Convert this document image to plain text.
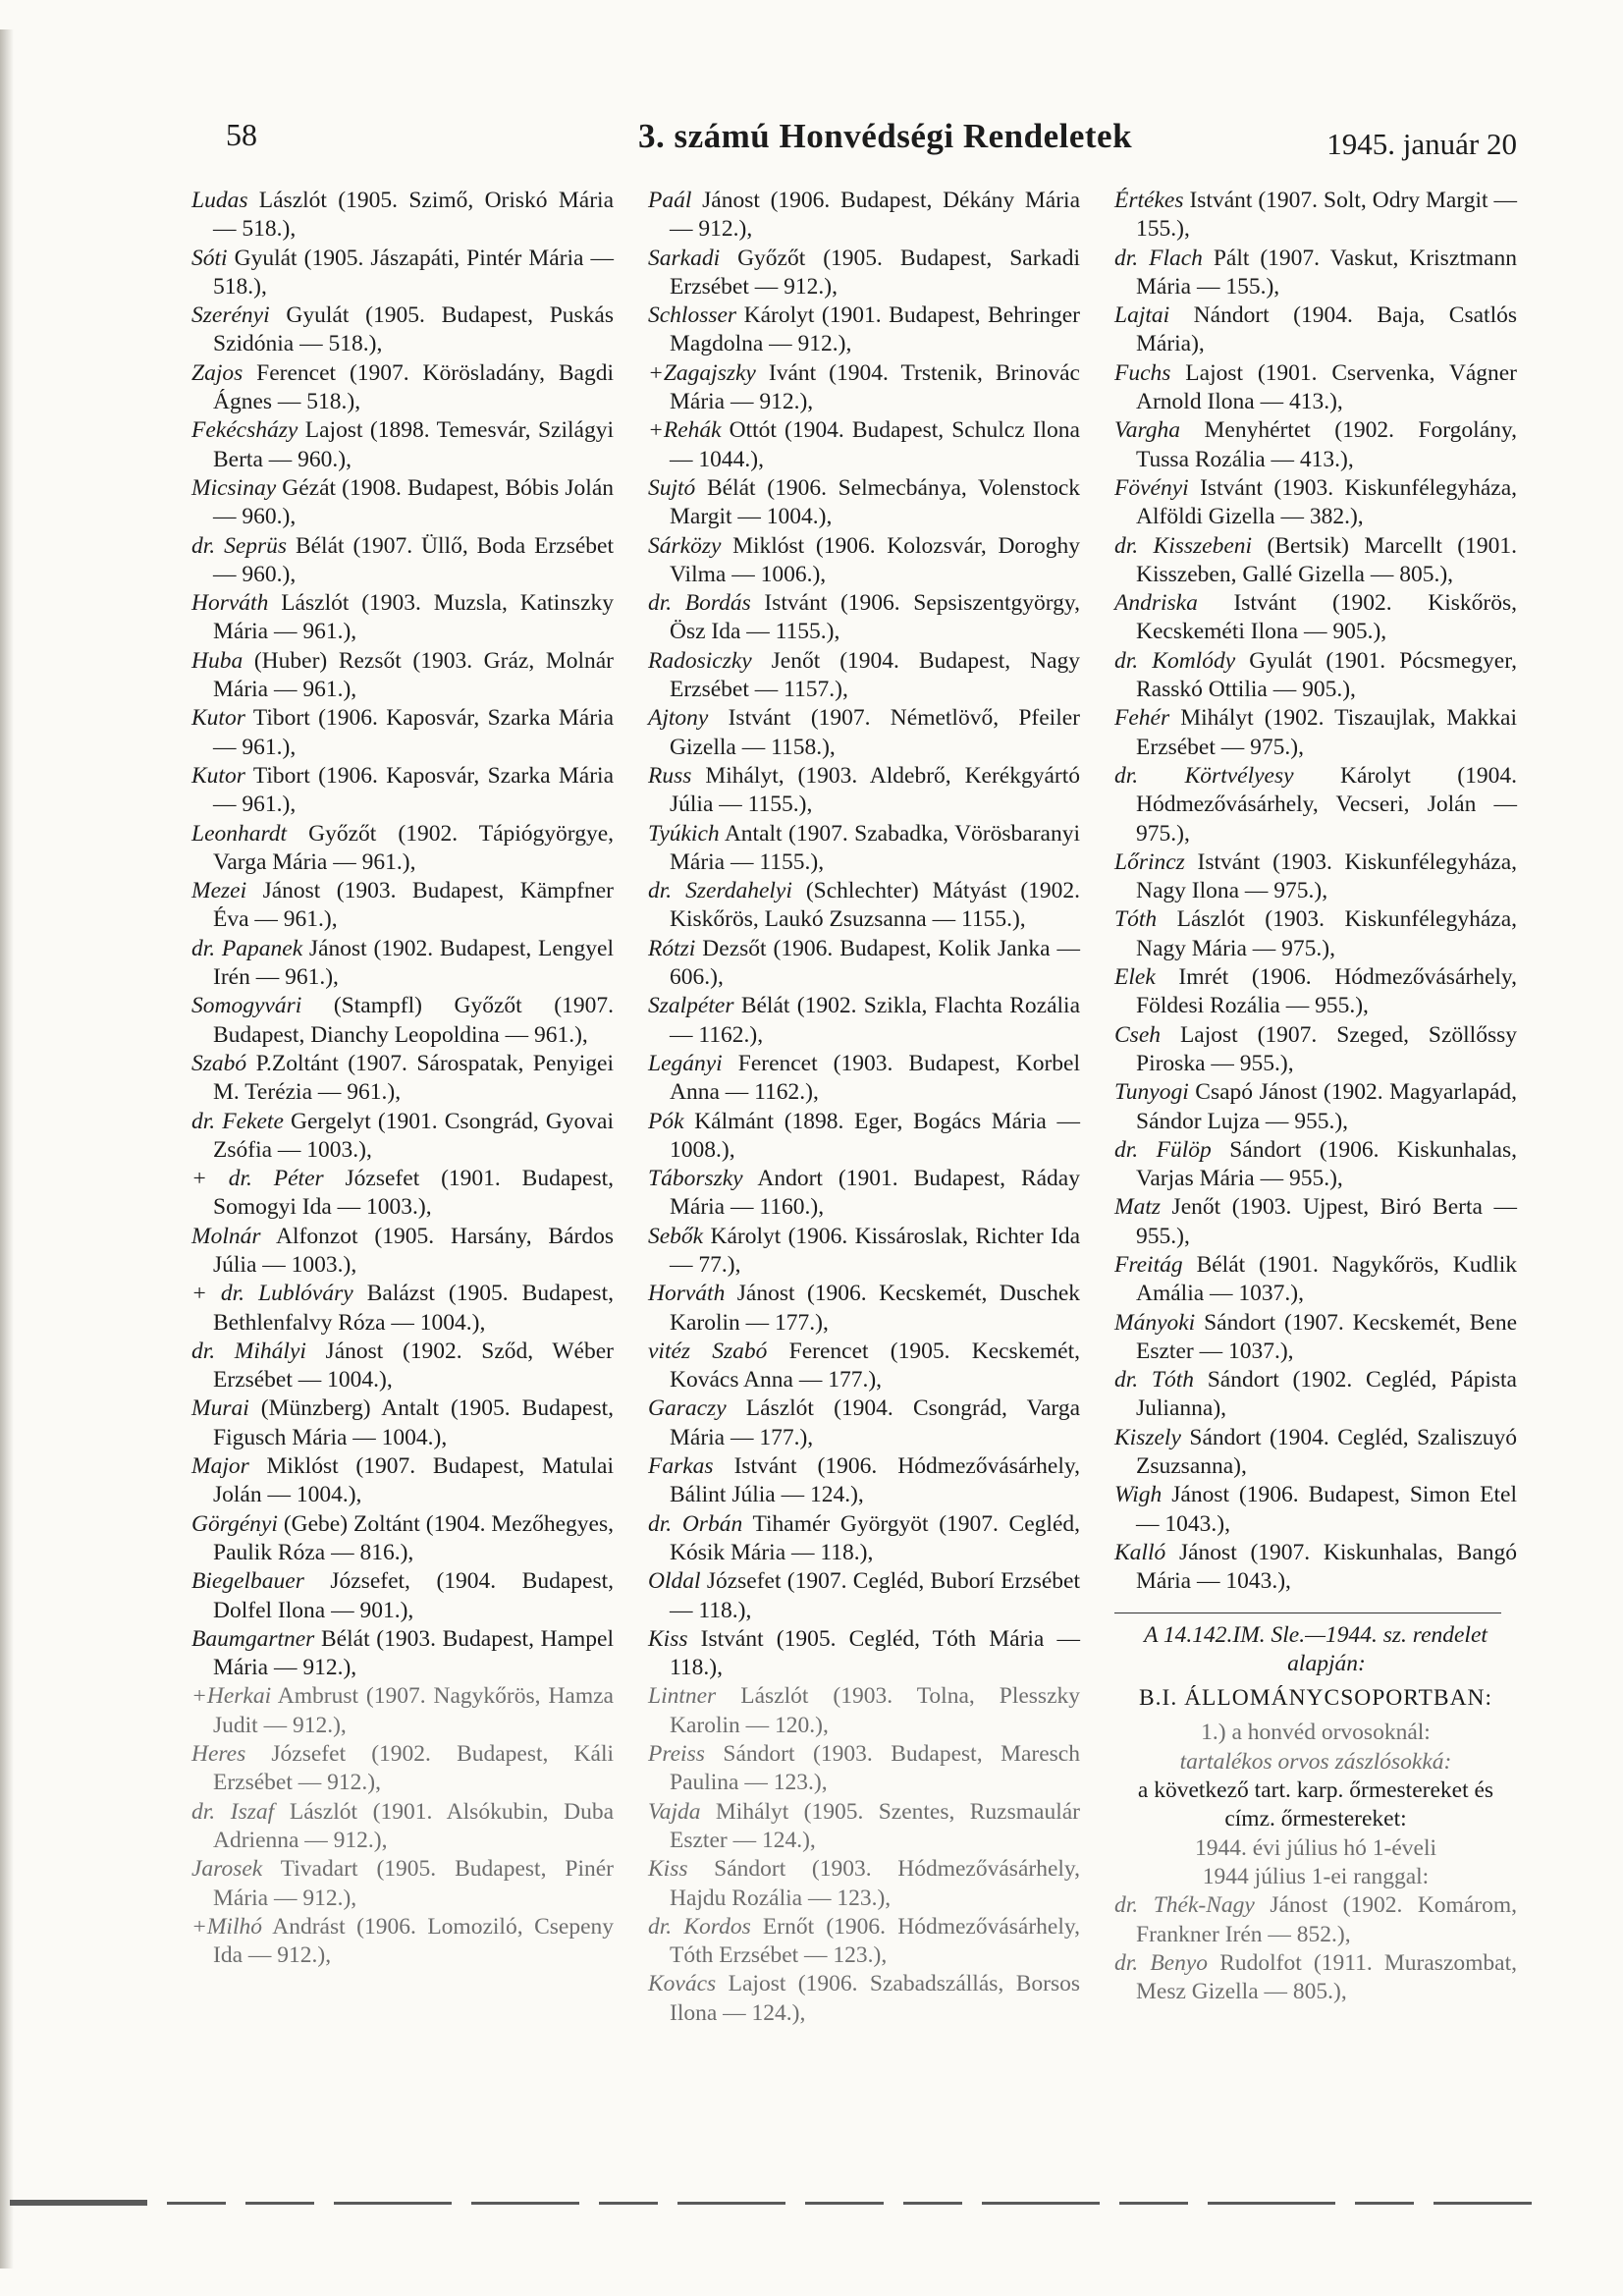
58	3. számú Honvédségi Rendeletek	1945. január 20

Ludas Lászlót (1905. Szimő, Oriskó Mária — 518.),

Sóti Gyulát (1905. Jászapáti, Pintér Mária — 518.),

Szerényi Gyulát (1905. Budapest, Puskás Szidónia — 518.),

Zajos Ferencet (1907. Körösladány, Bagdi Ágnes — 518.),

Fekécsházy Lajost (1898. Temesvár, Szilágyi Berta — 960.),

Micsinay Gézát (1908. Budapest, Bóbis Jolán — 960.),

dr. Seprüs Bélát (1907. Üllő, Boda Erzsébet — 960.),

Horváth Lászlót (1903. Muzsla, Katinszky Mária — 961.),

Huba (Huber) Rezsőt (1903. Gráz, Molnár Mária — 961.),

Kutor Tibort (1906. Kaposvár, Szarka Mária — 961.),

Kutor Tibort (1906. Kaposvár, Szarka Mária — 961.),

Leonhardt Győzőt (1902. Tápiógyörgye, Varga Mária — 961.),

Mezei Jánost (1903. Budapest, Kämpfner Éva — 961.),

dr. Papanek Jánost (1902. Budapest, Lengyel Irén — 961.),

Somogyvári (Stampfl) Győzőt (1907. Budapest, Dianchy Leopoldina — 961.),

Szabó P.Zoltánt (1907. Sárospatak, Penyigei M. Terézia — 961.),

dr. Fekete Gergelyt (1901. Csongrád, Gyovai Zsófia — 1003.),

+ dr. Péter Józsefet (1901. Budapest, Somogyi Ida — 1003.),

Molnár Alfonzot (1905. Harsány, Bárdos Júlia — 1003.),

+ dr. Lublóváry Balázst (1905. Budapest, Bethlenfalvy Róza — 1004.),

dr. Mihályi Jánost (1902. Sződ, Wéber Erzsébet — 1004.),

Murai (Münzberg) Antalt (1905. Budapest, Figusch Mária — 1004.),

Major Miklóst (1907. Budapest, Matulai Jolán — 1004.),

Görgényi (Gebe) Zoltánt (1904. Mezőhegyes, Paulik Róza — 816.),

Biegelbauer Józsefet, (1904. Budapest, Dolfel Ilona — 901.),

Baumgartner Bélát (1903. Budapest, Hampel Mária — 912.),

+Herkai Ambrust (1907. Nagykőrös, Hamza Judit — 912.),

Heres Józsefet (1902. Budapest, Káli Erzsébet — 912.),

dr. Iszaf Lászlót (1901. Alsókubin, Duba Adrienna — 912.),

Jarosek Tivadart (1905. Budapest, Pinér Mária — 912.),

+Milhó Andrást (1906. Lomoziló, Csepeny Ida — 912.),

Paál Jánost (1906. Budapest, Dékány Mária — 912.),

Sarkadi Győzőt (1905. Budapest, Sarkadi Erzsébet — 912.),

Schlosser Károlyt (1901. Budapest, Behringer Magdolna — 912.),

+Zagajszky Ivánt (1904. Trstenik, Brinovác Mária — 912.),

+Rehák Ottót (1904. Budapest, Schulcz Ilona — 1044.),

Sujtó Bélát (1906. Selmecbánya, Volenstock Margit — 1004.),

Sárközy Miklóst (1906. Kolozsvár, Doroghy Vilma — 1006.),

dr. Bordás Istvánt (1906. Sepsiszentgyörgy, Ösz Ida — 1155.),

Radosiczky Jenőt (1904. Budapest, Nagy Erzsébet — 1157.),

Ajtony Istvánt (1907. Németlövő, Pfeiler Gizella — 1158.),

Russ Mihályt, (1903. Aldebrő, Kerékgyártó Júlia — 1155.),

Tyúkich Antalt (1907. Szabadka, Vörösbaranyi Mária — 1155.),

dr. Szerdahelyi (Schlechter) Mátyást (1902. Kiskőrös, Laukó Zsuzsanna — 1155.),

Rótzi Dezsőt (1906. Budapest, Kolik Janka — 606.),

Szalpéter Bélát (1902. Szikla, Flachta Rozália — 1162.),

Legányi Ferencet (1903. Budapest, Korbel Anna — 1162.),

Pók Kálmánt (1898. Eger, Bogács Mária — 1008.),

Táborszky Andort (1901. Budapest, Ráday Mária — 1160.),

Sebők Károlyt (1906. Kissároslak, Richter Ida — 77.),

Horváth Jánost (1906. Kecskemét, Duschek Karolin — 177.),

vitéz Szabó Ferencet (1905. Kecskemét, Kovács Anna — 177.),

Garaczy Lászlót (1904. Csongrád, Varga Mária — 177.),

Farkas Istvánt (1906. Hódmezővásárhely, Bálint Júlia — 124.),

dr. Orbán Tihamér Györgyöt (1907. Cegléd, Kósik Mária — 118.),

Oldal Józsefet (1907. Cegléd, Buborí Erzsébet — 118.),

Kiss Istvánt (1905. Cegléd, Tóth Mária — 118.),

Lintner Lászlót (1903. Tolna, Plesszky Karolin — 120.),

Preiss Sándort (1903. Budapest, Maresch Paulina — 123.),

Vajda Mihályt (1905. Szentes, Ruzsmaulár Eszter — 124.),

Kiss Sándort (1903. Hódmezővásárhely, Hajdu Rozália — 123.),

dr. Kordos Ernőt (1906. Hódmezővásárhely, Tóth Erzsébet — 123.),

Kovács Lajost (1906. Szabadszállás, Borsos Ilona — 124.),

Értékes Istvánt (1907. Solt, Odry Margit — 155.),

dr. Flach Pált (1907. Vaskut, Krisztmann Mária — 155.),

Lajtai Nándort (1904. Baja, Csatlós Mária),

Fuchs Lajost (1901. Cservenka, Vágner Arnold Ilona — 413.),

Vargha Menyhértet (1902. Forgolány, Tussa Rozália — 413.),

Fövényi Istvánt (1903. Kiskunfélegyháza, Alföldi Gizella — 382.),

dr. Kisszebeni (Bertsik) Marcellt (1901. Kisszeben, Gallé Gizella — 805.),

Andriska Istvánt (1902. Kiskőrös, Kecskeméti Ilona — 905.),

dr. Komlódy Gyulát (1901. Pócsmegyer, Rasskó Ottilia — 905.),

Fehér Mihályt (1902. Tiszaujlak, Makkai Erzsébet — 975.),

dr. Körtvélyesy Károlyt (1904. Hódmezővásárhely, Vecseri, Jolán — 975.),

Lőrincz Istvánt (1903. Kiskunfélegyháza, Nagy Ilona — 975.),

Tóth Lászlót (1903. Kiskunfélegyháza, Nagy Mária — 975.),

Elek Imrét (1906. Hódmezővásárhely, Földesi Rozália — 955.),

Cseh Lajost (1907. Szeged, Szöllőssy Piroska — 955.),

Tunyogi Csapó Jánost (1902. Magyarlapád, Sándor Lujza — 955.),

dr. Fülöp Sándort (1906. Kiskunhalas, Varjas Mária — 955.),

Matz Jenőt (1903. Ujpest, Biró Berta — 955.),

Freitág Bélát (1901. Nagykőrös, Kudlik Amália — 1037.),

Mányoki Sándort (1907. Kecskemét, Bene Eszter — 1037.),

dr. Tóth Sándort (1902. Cegléd, Pápista Julianna),

Kiszely Sándort (1904. Cegléd, Szaliszuyó Zsuzsanna),

Wigh Jánost (1906. Budapest, Simon Etel — 1043.),

Kalló Jánost (1907. Kiskunhalas, Bangó Mária — 1043.),

A 14.142.IM. Sle.—1944. sz. rendelet alapján:

B.I. ÁLLOMÁNYCSOPORTBAN:

1.) a honvéd orvosoknál:

tartalékos orvos zászlósokká:

a következő tart. karp. őrmestereket és címz. őrmestereket:

1944. évi július hó 1-éveli

1944 július 1-ei ranggal:

dr. Thék-Nagy Jánost (1902. Komárom, Frankner Irén — 852.),

dr. Benyo Rudolfot (1911. Muraszombat, Mesz Gizella — 805.),
